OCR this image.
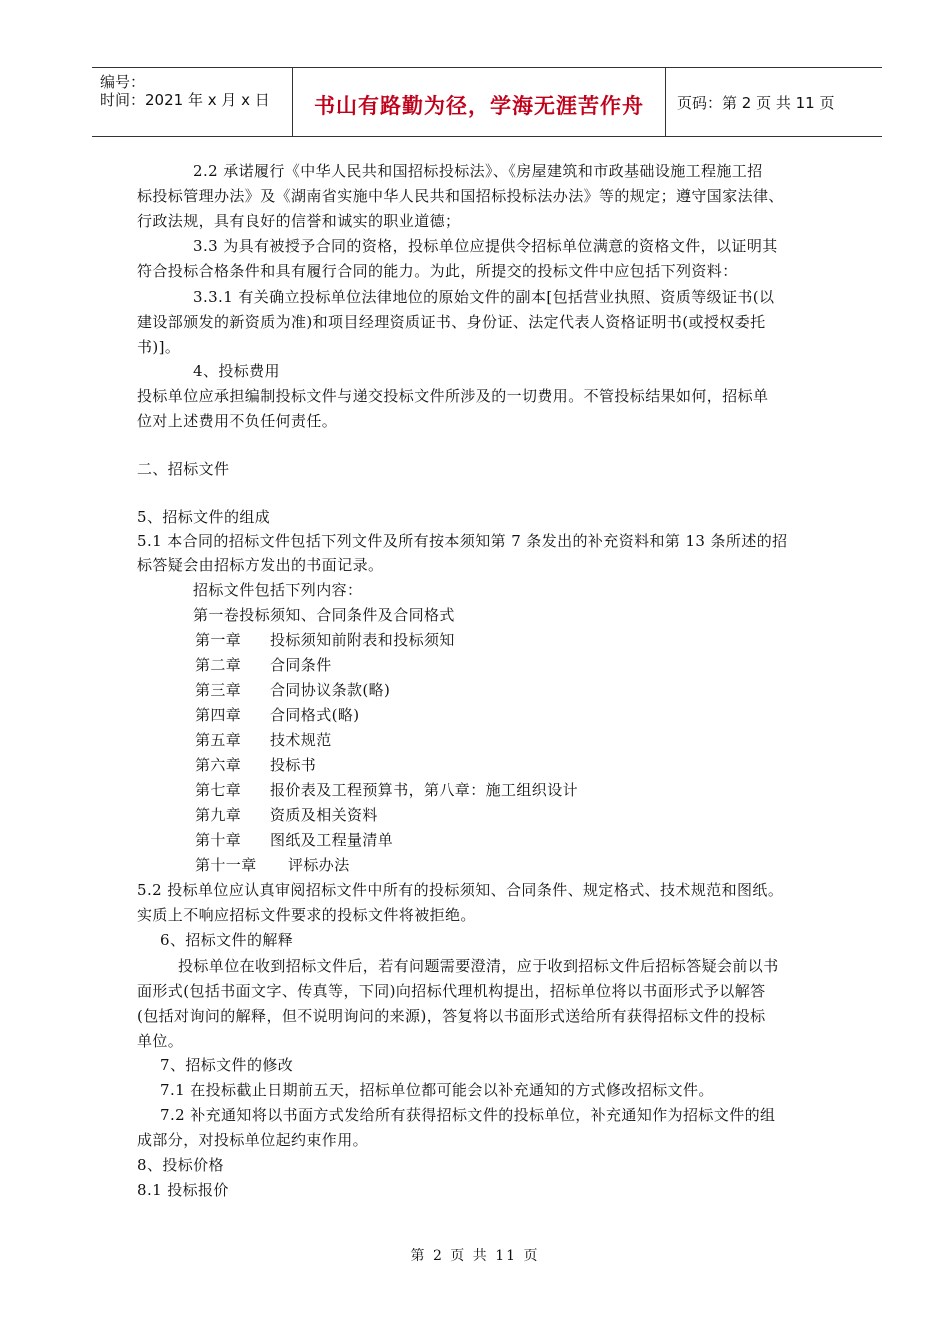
编号：
时间：2021 年 x 月 x 日	书山有路勤为径，学海无涯苦作舟	页码：第 2 页 共 11 页
2.2 承诺履行《中华人民共和国招标投标法》、《房屋建筑和市政基础设施工程施工招
标投标管理办法》及《湖南省实施中华人民共和国招标投标法办法》等的规定；遵守国家法律、
行政法规，具有良好的信誉和诚实的职业道德；
3.3 为具有被授予合同的资格，投标单位应提供令招标单位满意的资格文件，以证明其
符合投标合格条件和具有履行合同的能力。为此，所提交的投标文件中应包括下列资料：
3.3.1 有关确立投标单位法律地位的原始文件的副本[包括营业执照、资质等级证书(以
建设部颁发的新资质为准)和项目经理资质证书、身份证、法定代表人资格证明书(或授权委托
书)]。
4、投标费用
投标单位应承担编制投标文件与递交投标文件所涉及的一切费用。不管投标结果如何，招标单
位对上述费用不负任何责任。
二、招标文件
5、招标文件的组成
5.1 本合同的招标文件包括下列文件及所有按本须知第 7 条发出的补充资料和第 13 条所述的招
标答疑会由招标方发出的书面记录。
招标文件包括下列内容：
第一卷投标须知、合同条件及合同格式
第一章 投标须知前附表和投标须知
第二章 合同条件
第三章 合同协议条款(略)
第四章 合同格式(略)
第五章 技术规范
第六章 投标书
第七章 报价表及工程预算书，第八章：施工组织设计
第九章 资质及相关资料
第十章 图纸及工程量清单
第十一章 评标办法
5.2 投标单位应认真审阅招标文件中所有的投标须知、合同条件、规定格式、技术规范和图纸。
实质上不响应招标文件要求的投标文件将被拒绝。
6、招标文件的解释
投标单位在收到招标文件后，若有问题需要澄清，应于收到招标文件后招标答疑会前以书
面形式(包括书面文字、传真等，下同)向招标代理机构提出，招标单位将以书面形式予以解答
(包括对询问的解释，但不说明询问的来源)，答复将以书面形式送给所有获得招标文件的投标
单位。
7、招标文件的修改
7.1 在投标截止日期前五天，招标单位都可能会以补充通知的方式修改招标文件。
7.2 补充通知将以书面方式发给所有获得招标文件的投标单位，补充通知作为招标文件的组
成部分，对投标单位起约束作用。
8、投标价格
8.1 投标报价
第 2 页 共 11 页
